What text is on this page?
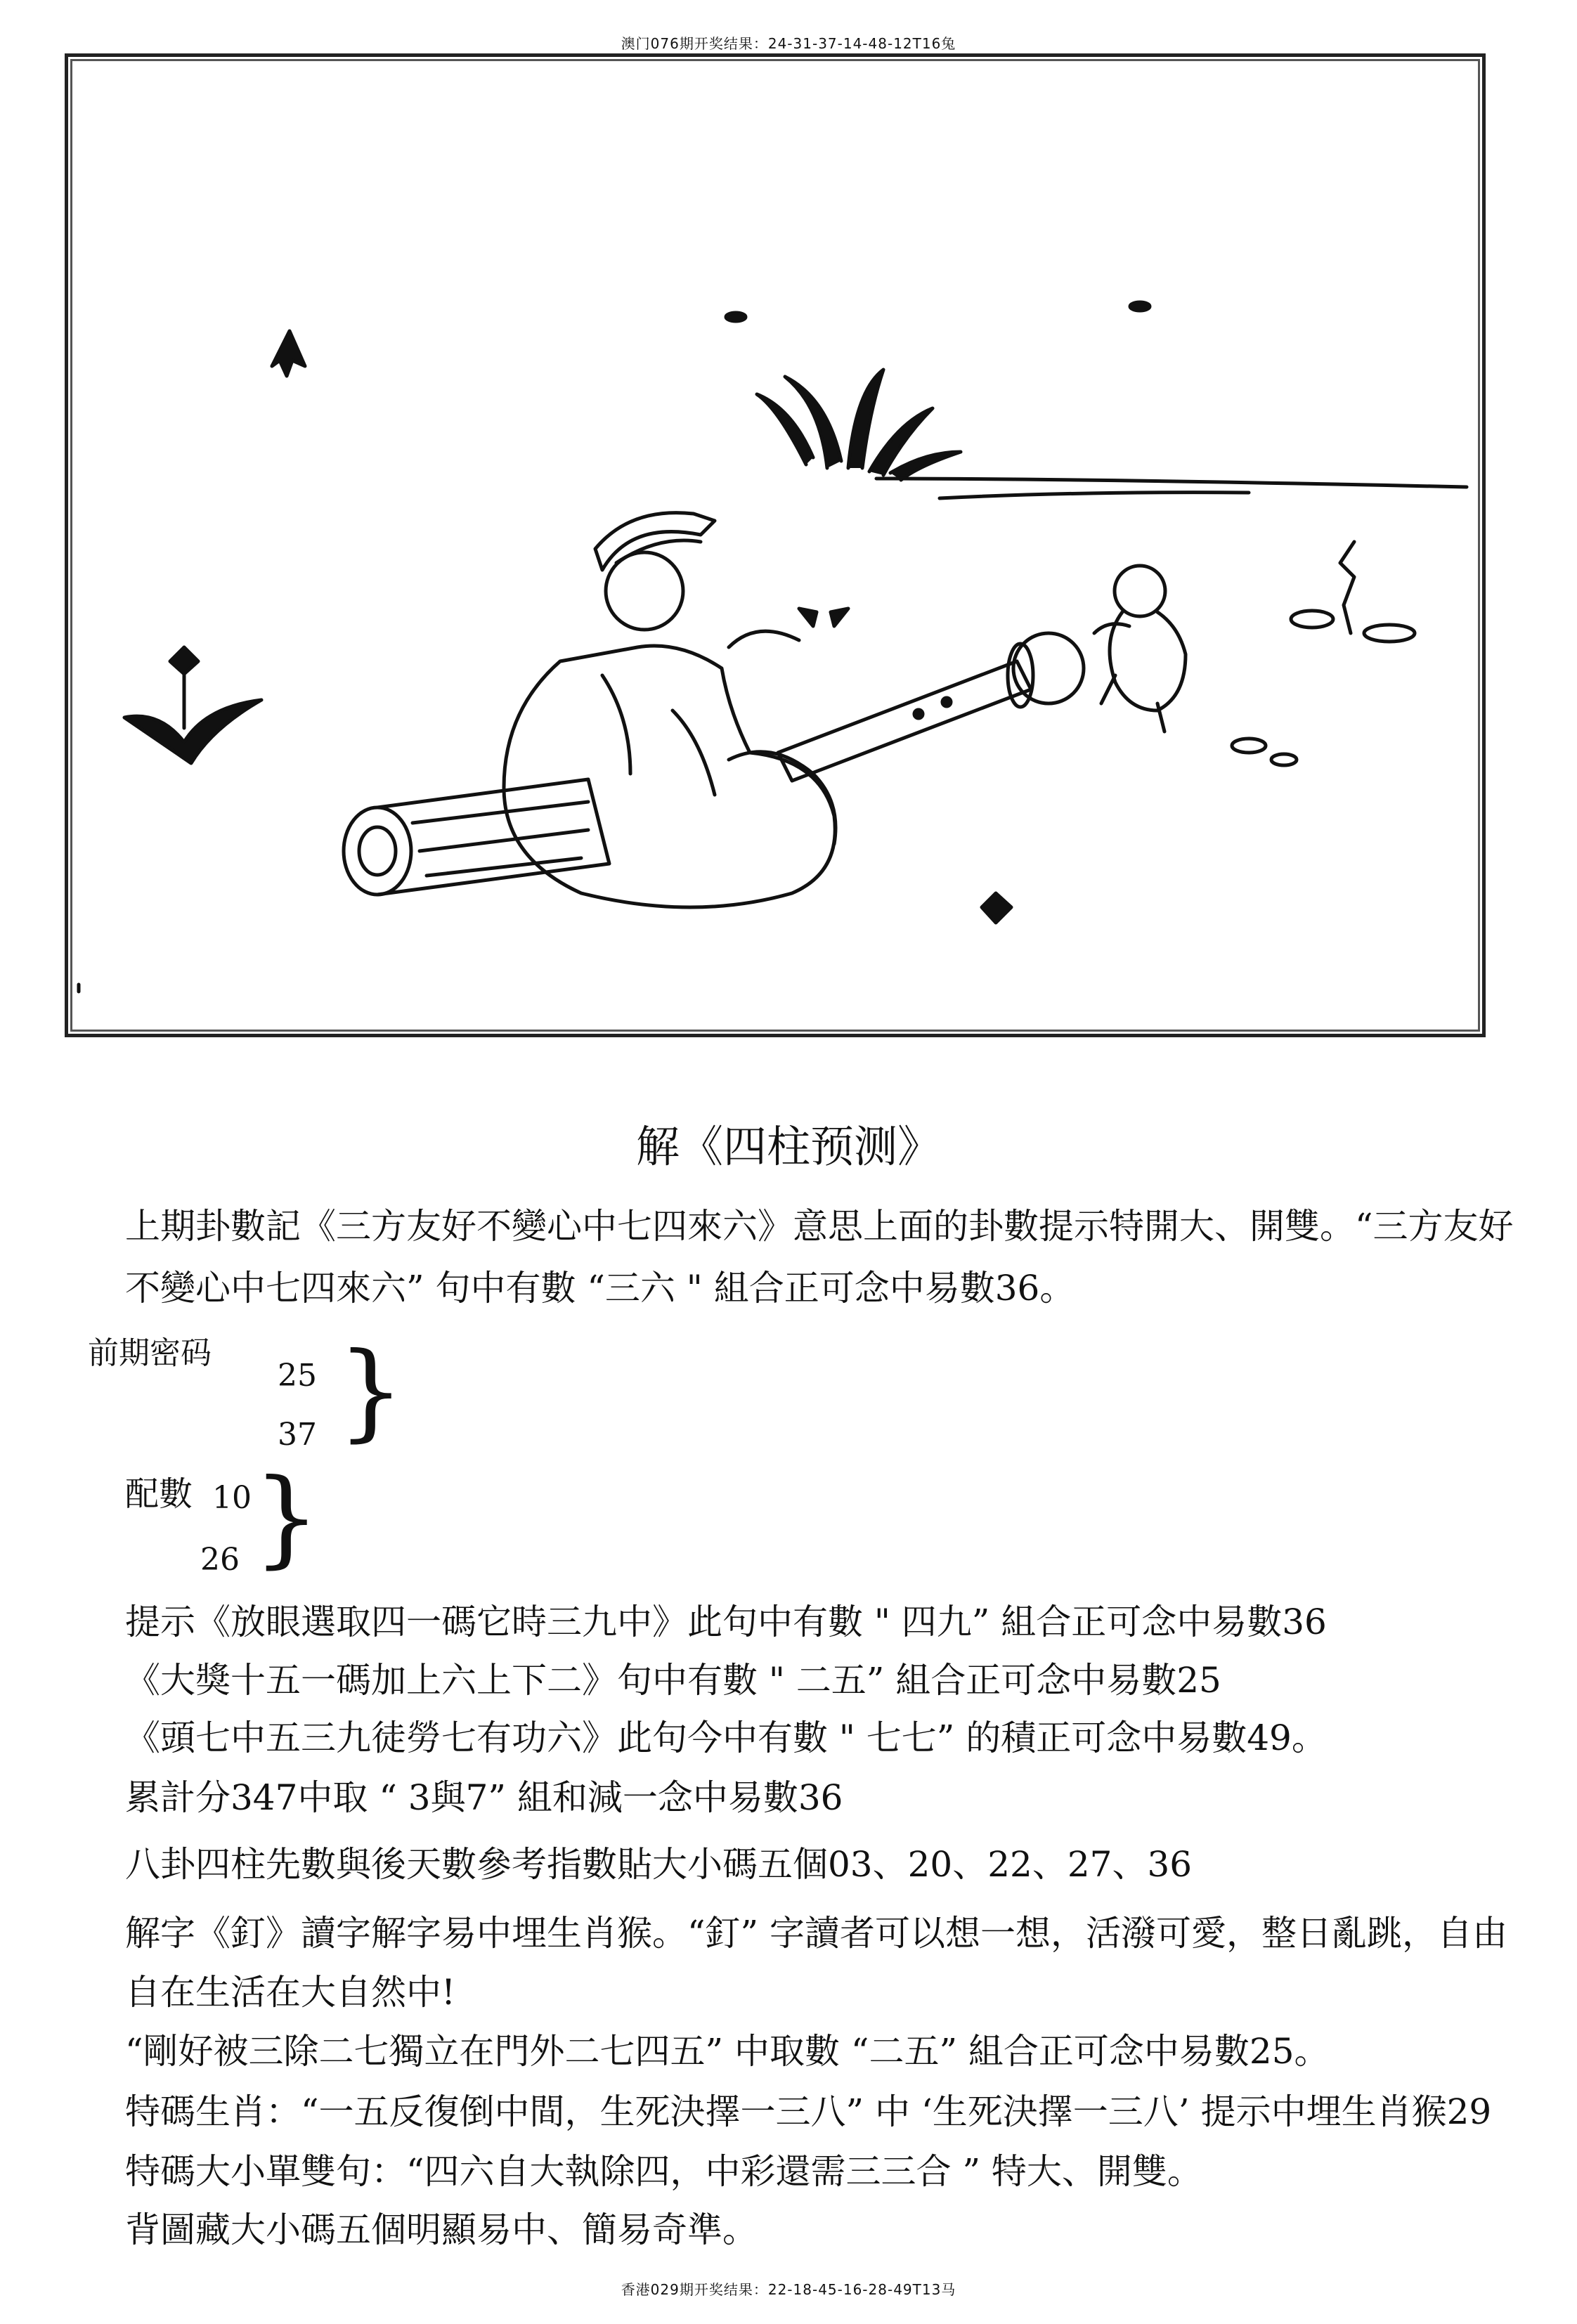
澳门076期开奖结果：24-31-37-14-48-12T16兔
解《四柱预测》
上期卦數記《三方友好不變心中七四來六》意思上面的卦數提示特開大、開雙。“三方友好
不變心中七四來六” 句中有數 “三六 " 組合正可念中易數36。
前期密码
25
37 }
配數 10
26 }
提示《放眼選取四一碼它時三九中》此句中有數 " 四九” 組合正可念中易數36
《大獎十五一碼加上六上下二》句中有數 " 二五” 組合正可念中易數25
《頭七中五三九徒勞七有功六》此句今中有數 " 七七” 的積正可念中易數49。
累計分347中取 “ 3與7” 組和減一念中易數36
八卦四柱先數與後天數參考指數貼大小碼五個03、20、22、27、36
解字《釘》讀字解字易中埋生肖猴。“釘” 字讀者可以想一想，活潑可愛，整日亂跳，自由
自在生活在大自然中!
“剛好被三除二七獨立在門外二七四五” 中取數 “二五” 組合正可念中易數25。
特碼生肖：“一五反復倒中間，生死決擇一三八” 中 ‘生死決擇一三八’ 提示中埋生肖猴29
特碼大小單雙句：“四六自大執除四，中彩還需三三合 ” 特大、開雙。
背圖藏大小碼五個明顯易中、簡易奇準。
香港029期开奖结果：22-18-45-16-28-49T13马
